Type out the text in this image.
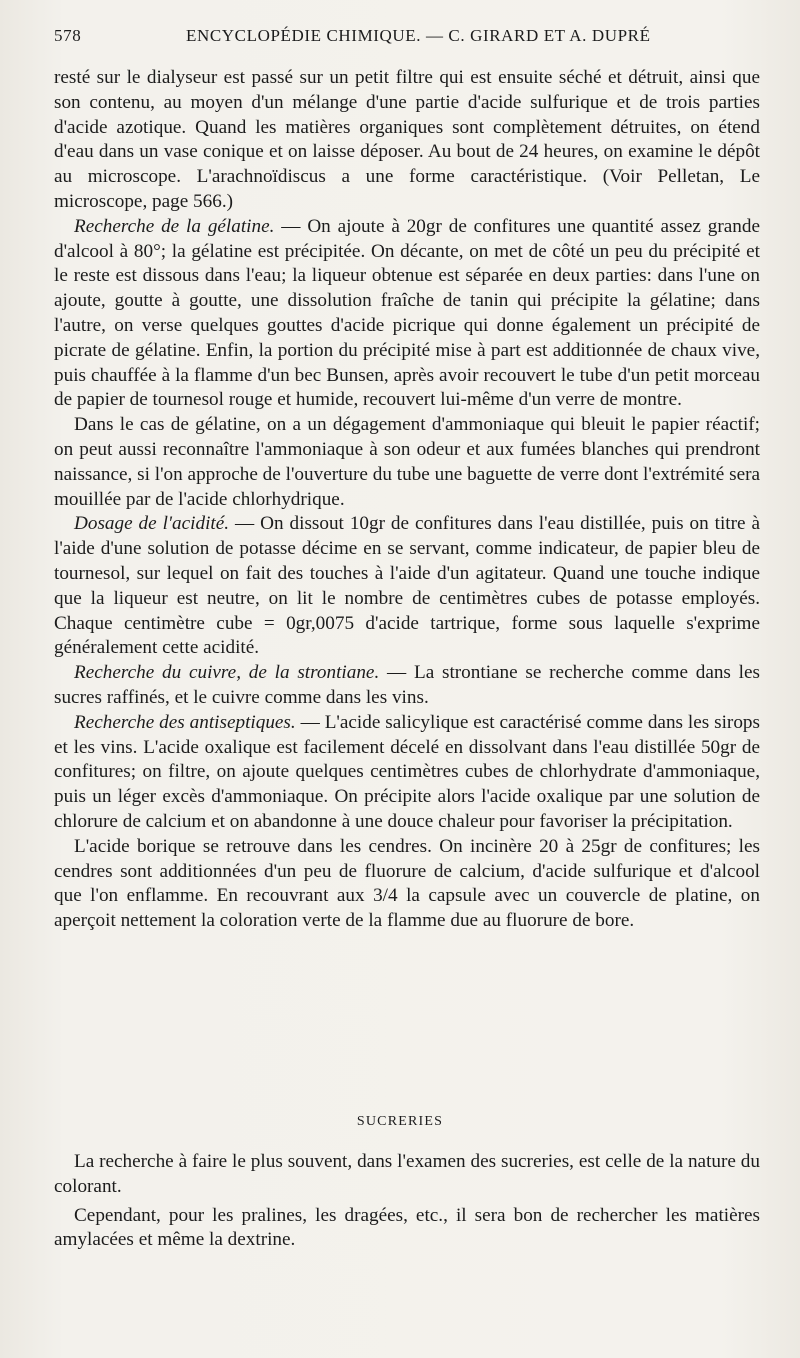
578	ENCYCLOPÉDIE CHIMIQUE. — C. GIRARD ET A. DUPRÉ

resté sur le dialyseur est passé sur un petit filtre qui est ensuite séché et détruit, ainsi que son contenu, au moyen d'un mélange d'une partie d'acide sulfurique et de trois parties d'acide azotique. Quand les matières organiques sont complètement détruites, on étend d'eau dans un vase conique et on laisse déposer. Au bout de 24 heures, on examine le dépôt au microscope. L'arachnoïdiscus a une forme caractéristique. (Voir Pelletan, Le microscope, page 566.)

Recherche de la gélatine. — On ajoute à 20gr de confitures une quantité assez grande d'alcool à 80°; la gélatine est précipitée. On décante, on met de côté un peu du précipité et le reste est dissous dans l'eau; la liqueur obtenue est séparée en deux parties: dans l'une on ajoute, goutte à goutte, une dissolution fraîche de tanin qui précipite la gélatine; dans l'autre, on verse quelques gouttes d'acide picrique qui donne également un précipité de picrate de gélatine. Enfin, la portion du précipité mise à part est additionnée de chaux vive, puis chauffée à la flamme d'un bec Bunsen, après avoir recouvert le tube d'un petit morceau de papier de tournesol rouge et humide, recouvert lui-même d'un verre de montre.

Dans le cas de gélatine, on a un dégagement d'ammoniaque qui bleuit le papier réactif; on peut aussi reconnaître l'ammoniaque à son odeur et aux fumées blanches qui prendront naissance, si l'on approche de l'ouverture du tube une baguette de verre dont l'extrémité sera mouillée par de l'acide chlorhydrique.

Dosage de l'acidité. — On dissout 10gr de confitures dans l'eau distillée, puis on titre à l'aide d'une solution de potasse décime en se servant, comme indicateur, de papier bleu de tournesol, sur lequel on fait des touches à l'aide d'un agitateur. Quand une touche indique que la liqueur est neutre, on lit le nombre de centimètres cubes de potasse employés. Chaque centimètre cube = 0gr,0075 d'acide tartrique, forme sous laquelle s'exprime généralement cette acidité.

Recherche du cuivre, de la strontiane. — La strontiane se recherche comme dans les sucres raffinés, et le cuivre comme dans les vins.

Recherche des antiseptiques. — L'acide salicylique est caractérisé comme dans les sirops et les vins. L'acide oxalique est facilement décelé en dissolvant dans l'eau distillée 50gr de confitures; on filtre, on ajoute quelques centimètres cubes de chlorhydrate d'ammoniaque, puis un léger excès d'ammoniaque. On précipite alors l'acide oxalique par une solution de chlorure de calcium et on abandonne à une douce chaleur pour favoriser la précipitation.

L'acide borique se retrouve dans les cendres. On incinère 20 à 25gr de confitures; les cendres sont additionnées d'un peu de fluorure de calcium, d'acide sulfurique et d'alcool que l'on enflamme. En recouvrant aux 3/4 la capsule avec un couvercle de platine, on aperçoit nettement la coloration verte de la flamme due au fluorure de bore.

SUCRERIES

La recherche à faire le plus souvent, dans l'examen des sucreries, est celle de la nature du colorant.

Cependant, pour les pralines, les dragées, etc., il sera bon de rechercher les matières amylacées et même la dextrine.
